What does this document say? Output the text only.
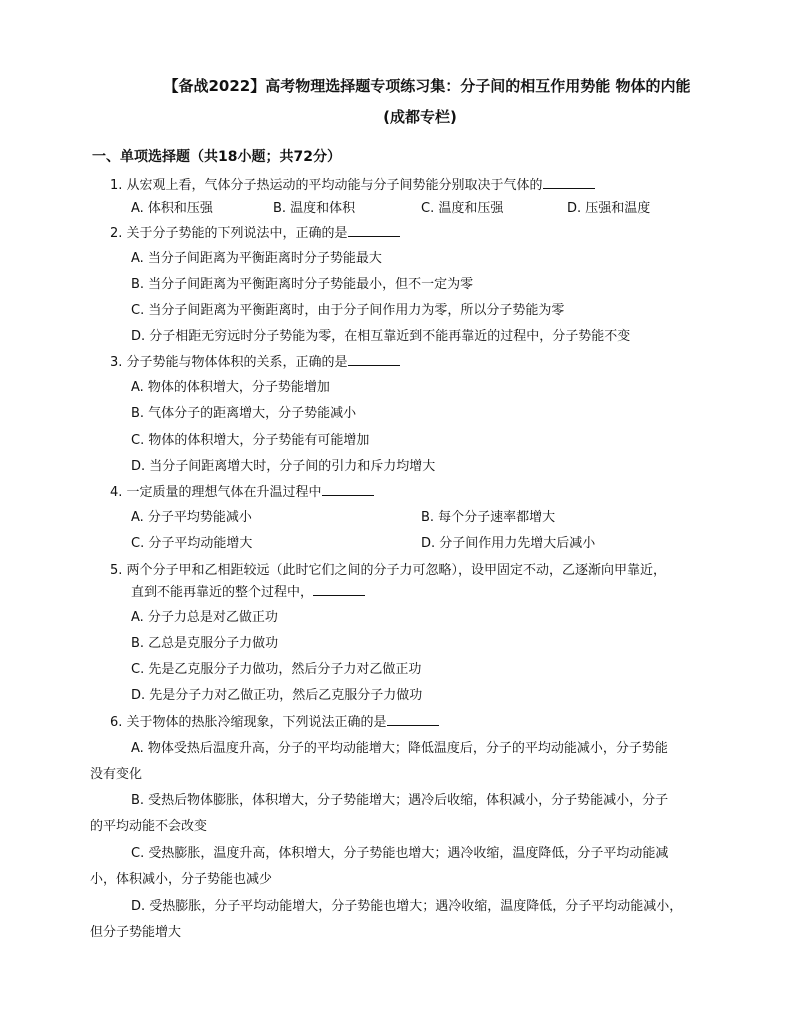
【备战2022】高考物理选择题专项练习集：分子间的相互作用势能 物体的内能
(成都专栏)
一、单项选择题（共18小题；共72分）
1. 从宏观上看，气体分子热运动的平均动能与分子间势能分别取决于气体的
A. 体积和压强	B. 温度和体积	C. 温度和压强	D. 压强和温度
2. 关于分子势能的下列说法中，正确的是
A. 当分子间距离为平衡距离时分子势能最大
B. 当分子间距离为平衡距离时分子势能最小，但不一定为零
C. 当分子间距离为平衡距离时，由于分子间作用力为零，所以分子势能为零
D. 分子相距无穷远时分子势能为零，在相互靠近到不能再靠近的过程中，分子势能不变
3. 分子势能与物体体积的关系，正确的是
A. 物体的体积增大，分子势能增加
B. 气体分子的距离增大，分子势能减小
C. 物体的体积增大，分子势能有可能增加
D. 当分子间距离增大时，分子间的引力和斥力均增大
4. 一定质量的理想气体在升温过程中
A. 分子平均势能减小	B. 每个分子速率都增大
C. 分子平均动能增大	D. 分子间作用力先增大后减小
5. 两个分子甲和乙相距较远（此时它们之间的分子力可忽略），设甲固定不动，乙逐渐向甲靠近，
直到不能再靠近的整个过程中，
A. 分子力总是对乙做正功
B. 乙总是克服分子力做功
C. 先是乙克服分子力做功，然后分子力对乙做正功
D. 先是分子力对乙做正功，然后乙克服分子力做功
6. 关于物体的热胀冷缩现象，下列说法正确的是
A. 物体受热后温度升高，分子的平均动能增大；降低温度后，分子的平均动能减小，分子势能
没有变化
B. 受热后物体膨胀，体积增大，分子势能增大；遇冷后收缩，体积减小，分子势能减小，分子
的平均动能不会改变
C. 受热膨胀，温度升高，体积增大，分子势能也增大；遇冷收缩，温度降低，分子平均动能减
小，体积减小，分子势能也减少
D. 受热膨胀，分子平均动能增大，分子势能也增大；遇冷收缩，温度降低，分子平均动能减小，
但分子势能增大
